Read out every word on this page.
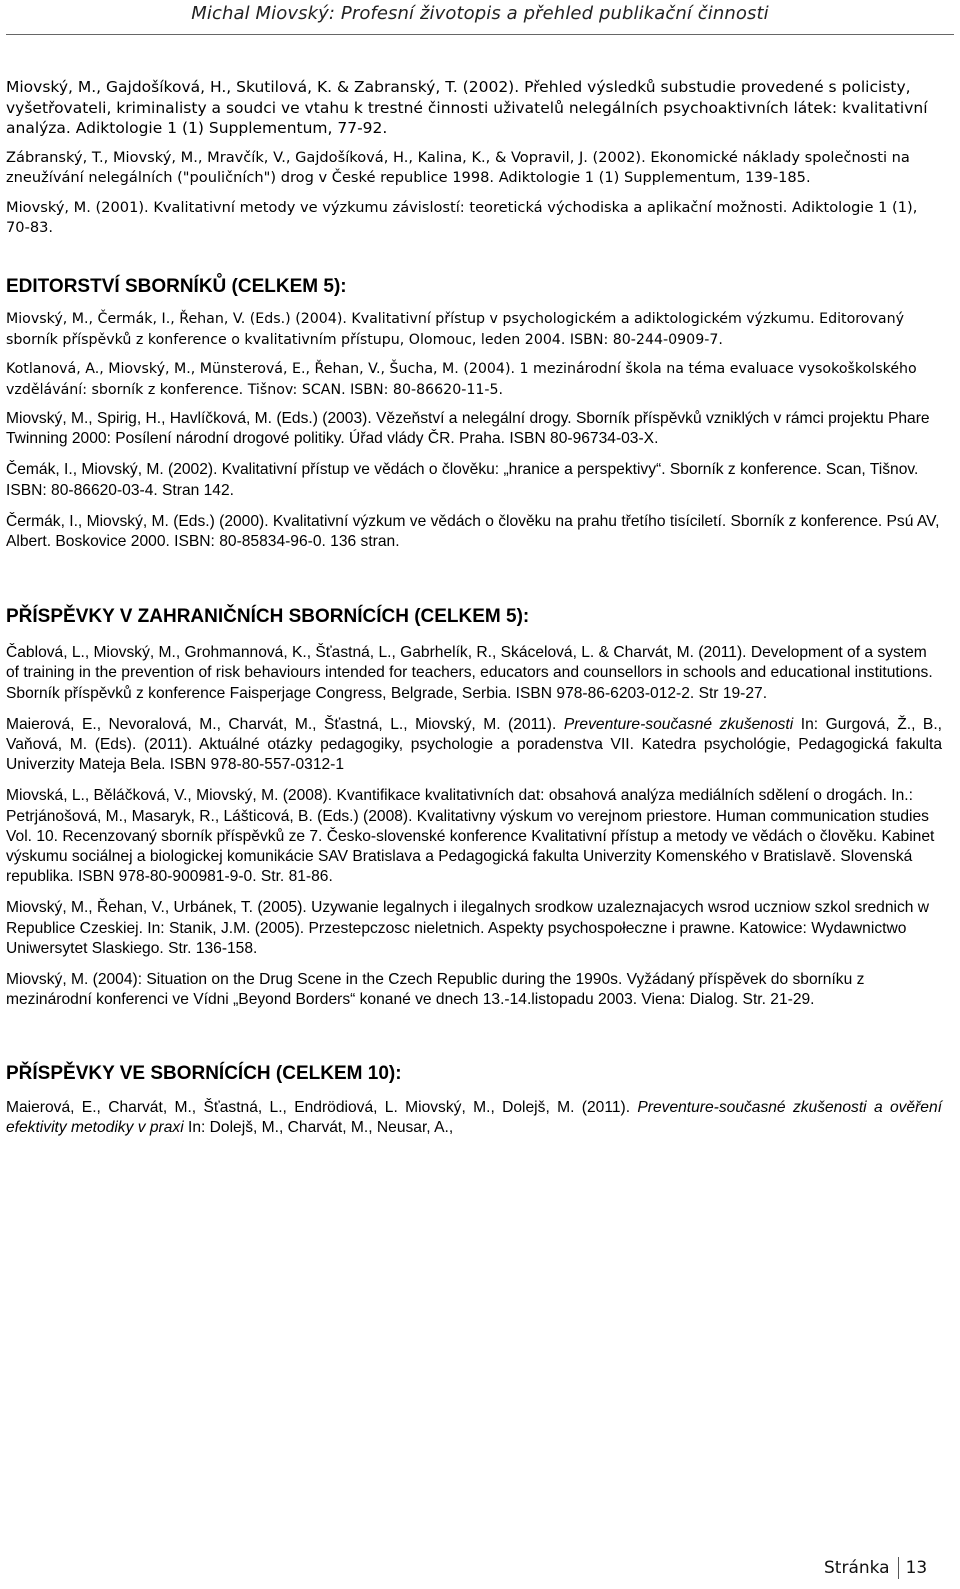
Michal Miovský: Profesní životopis a přehled publikační činnosti

Miovský, M., Gajdošíková, H., Skutilová, K. & Zabranský, T. (2002). Přehled výsledků substudie provedené s policisty, vyšetřovateli, kriminalisty a soudci ve vtahu k trestné činnosti uživatelů nelegálních psychoaktivních látek: kvalitativní analýza. Adiktologie 1 (1) Supplementum, 77-92.

Zábranský, T., Miovský, M., Mravčík, V., Gajdošíková, H., Kalina, K., & Vopravil, J. (2002). Ekonomické náklady společnosti na zneužívání nelegálních ("pouličních") drog v České republice 1998. Adiktologie 1 (1) Supplementum, 139-185.

Miovský, M. (2001). Kvalitativní metody ve výzkumu závislostí: teoretická východiska a aplikační možnosti. Adiktologie 1 (1), 70-83.

EDITORSTVÍ SBORNÍKŮ (CELKEM 5):

Miovský, M., Čermák, I., Řehan, V. (Eds.) (2004). Kvalitativní přístup v psychologickém a adiktologickém výzkumu. Editorovaný sborník příspěvků z konference o kvalitativním přístupu, Olomouc, leden 2004. ISBN: 80-244-0909-7.

Kotlanová, A., Miovský, M., Münsterová, E., Řehan, V., Šucha, M. (2004). 1 mezinárodní škola na téma evaluace vysokoškolského vzdělávání: sborník z konference. Tišnov: SCAN. ISBN: 80-86620-11-5.

Miovský, M., Spirig, H., Havlíčková, M. (Eds.) (2003). Vězeňství a nelegální drogy. Sborník příspěvků vzniklých v rámci projektu Phare Twinning 2000: Posílení národní drogové politiky. Úřad vlády ČR. Praha. ISBN 80-96734-03-X.

Čemák, I., Miovský, M. (2002). Kvalitativní přístup ve vědách o člověku: „hranice a perspektivy“. Sborník z konference. Scan, Tišnov. ISBN: 80-86620-03-4. Stran 142.

Čermák, I., Miovský, M. (Eds.) (2000). Kvalitativní výzkum ve vědách o člověku na prahu třetího tisíciletí. Sborník z konference. Psú AV, Albert. Boskovice 2000. ISBN: 80-85834-96-0. 136 stran.

PŘÍSPĚVKY V ZAHRANIČNÍCH SBORNÍCÍCH (CELKEM 5):

Čablová, L., Miovský, M., Grohmannová, K., Šťastná, L., Gabrhelík, R., Skácelová, L. & Charvát, M. (2011). Development of a system of training in the prevention of risk behaviours intended for teachers, educators and counsellors in schools and educational institutions. Sborník příspěvků z konference Faisperjage Congress, Belgrade, Serbia. ISBN 978-86-6203-012-2. Str 19-27.

Maierová, E., Nevoralová, M., Charvát, M., Šťastná, L., Miovský, M. (2011). Preventure-současné zkušenosti In: Gurgová, Ž., B., Vaňová, M. (Eds). (2011). Aktuálné otázky pedagogiky, psychologie a poradenstva VII. Katedra psychológie, Pedagogická fakulta Univerzity Mateja Bela. ISBN 978-80-557-0312-1

Miovská, L., Běláčková, V., Miovský, M. (2008). Kvantifikace kvalitativních dat: obsahová analýza mediálních sdělení o drogách. In.: Petrjánošová, M., Masaryk, R., Lášticová, B. (Eds.) (2008). Kvalitativny výskum vo verejnom priestore. Human communication studies Vol. 10. Recenzovaný sborník příspěvků ze 7. Česko-slovenské konference Kvalitativní přístup a metody ve vědách o člověku. Kabinet výskumu sociálnej a biologickej komunikácie SAV Bratislava a Pedagogická fakulta Univerzity Komenského v Bratislavě. Slovenská republika. ISBN 978-80-900981-9-0. Str. 81-86.

Miovský, M., Řehan, V., Urbánek, T. (2005). Uzywanie legalnych i ilegalnych srodkow uzaleznajacych wsrod uczniow szkol srednich w Republice Czeskiej. In: Stanik, J.M. (2005). Przestepczosc nieletnich. Aspekty psychospołeczne i prawne. Katowice: Wydawnictwo Uniwersytet Slaskiego. Str. 136-158.

Miovský, M. (2004): Situation on the Drug Scene in the Czech Republic during the 1990s. Vyžádaný příspěvek do sborníku z mezinárodní konferenci ve Vídni „Beyond Borders“ konané ve dnech 13.-14.listopadu 2003. Viena: Dialog. Str. 21-29.

PŘÍSPĚVKY VE SBORNÍCÍCH (CELKEM 10):

Maierová, E., Charvát, M., Šťastná, L., Endrödiová, L. Miovský, M., Dolejš, M. (2011). Preventure-současné zkušenosti a ověření efektivity metodiky v praxi In: Dolejš, M., Charvát, M., Neusar, A.,

Stránka 13
